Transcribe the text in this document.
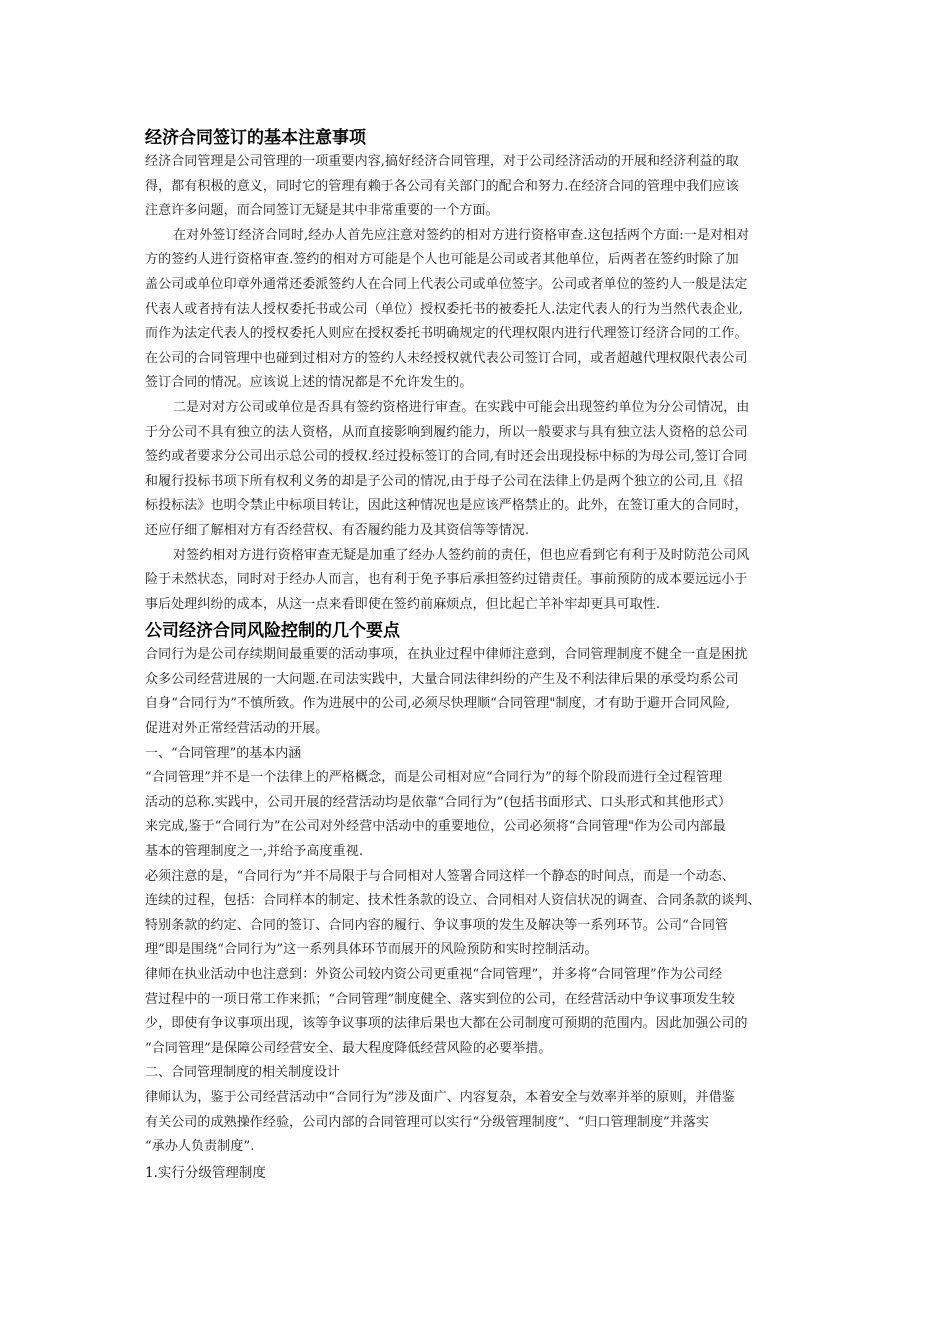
经济合同签订的基本注意事项
经济合同管理是公司管理的一项重要内容,搞好经济合同管理，对于公司经济活动的开展和经济利益的取
得，都有积极的意义，同时它的管理有赖于各公司有关部门的配合和努力.在经济合同的管理中我们应该
注意许多问题，而合同签订无疑是其中非常重要的一个方面。
在对外签订经济合同时,经办人首先应注意对签约的相对方进行资格审查.这包括两个方面:一是对相对
方的签约人进行资格审查.签约的相对方可能是个人也可能是公司或者其他单位，后两者在签约时除了加
盖公司或单位印章外通常还委派签约人在合同上代表公司或单位签字。公司或者单位的签约人一般是法定
代表人或者持有法人授权委托书或公司（单位）授权委托书的被委托人.法定代表人的行为当然代表企业,
而作为法定代表人的授权委托人则应在授权委托书明确规定的代理权限内进行代理签订经济合同的工作。
在公司的合同管理中也碰到过相对方的签约人未经授权就代表公司签订合同，或者超越代理权限代表公司
签订合同的情况。应该说上述的情况都是不允许发生的。
二是对对方公司或单位是否具有签约资格进行审查。在实践中可能会出现签约单位为分公司情况，由
于分公司不具有独立的法人资格，从而直接影响到履约能力，所以一般要求与具有独立法人资格的总公司
签约或者要求分公司出示总公司的授权.经过投标签订的合同,有时还会出现投标中标的为母公司,签订合同
和履行投标书项下所有权利义务的却是子公司的情况,由于母子公司在法律上仍是两个独立的公司,且《招
标投标法》也明令禁止中标项目转让，因此这种情况也是应该严格禁止的。此外，在签订重大的合同时，
还应仔细了解相对方有否经营权、有否履约能力及其资信等等情况.
对签约相对方进行资格审查无疑是加重了经办人签约前的责任，但也应看到它有利于及时防范公司风
险于未然状态，同时对于经办人而言，也有利于免予事后承担签约过错责任。事前预防的成本要远远小于
事后处理纠纷的成本，从这一点来看即使在签约前麻烦点，但比起亡羊补牢却更具可取性.
公司经济合同风险控制的几个要点
合同行为是公司存续期间最重要的活动事项，在执业过程中律师注意到，合同管理制度不健全一直是困扰
众多公司经营进展的一大问题.在司法实践中，大量合同法律纠纷的产生及不利法律后果的承受均系公司
自身“合同行为”不慎所致。作为进展中的公司,必须尽快理顺“合同管理"制度，才有助于避开合同风险,
促进对外正常经营活动的开展。
一、“合同管理”的基本内涵
“合同管理”并不是一个法律上的严格概念，而是公司相对应“合同行为”的每个阶段而进行全过程管理
活动的总称.实践中，公司开展的经营活动均是依靠“合同行为”(包括书面形式、口头形式和其他形式）
来完成,鉴于“合同行为”在公司对外经营中活动中的重要地位，公司必须将“合同管理"作为公司内部最
基本的管理制度之一,并给予高度重视.
必须注意的是，“合同行为”并不局限于与合同相对人签署合同这样一个静态的时间点，而是一个动态、
连续的过程，包括：合同样本的制定、技术性条款的设立、合同相对人资信状况的调查、合同条款的谈判、
特别条款的约定、合同的签订、合同内容的履行、争议事项的发生及解决等一系列环节。公司“合同管
理”即是围绕“合同行为”这一系列具体环节而展开的风险预防和实时控制活动。
律师在执业活动中也注意到：外资公司较内资公司更重视“合同管理”，并多将“合同管理”作为公司经
营过程中的一项日常工作来抓；“合同管理”制度健全、落实到位的公司，在经营活动中争议事项发生较
少，即使有争议事项出现，该等争议事项的法律后果也大都在公司制度可预期的范围内。因此加强公司的
“合同管理”是保障公司经营安全、最大程度降低经营风险的必要举措。
二、合同管理制度的相关制度设计
律师认为，鉴于公司经营活动中“合同行为”涉及面广、内容复杂，本着安全与效率并举的原则，并借鉴
有关公司的成熟操作经验，公司内部的合同管理可以实行“分级管理制度”、“归口管理制度”并落实
“承办人负责制度”.
1.实行分级管理制度
